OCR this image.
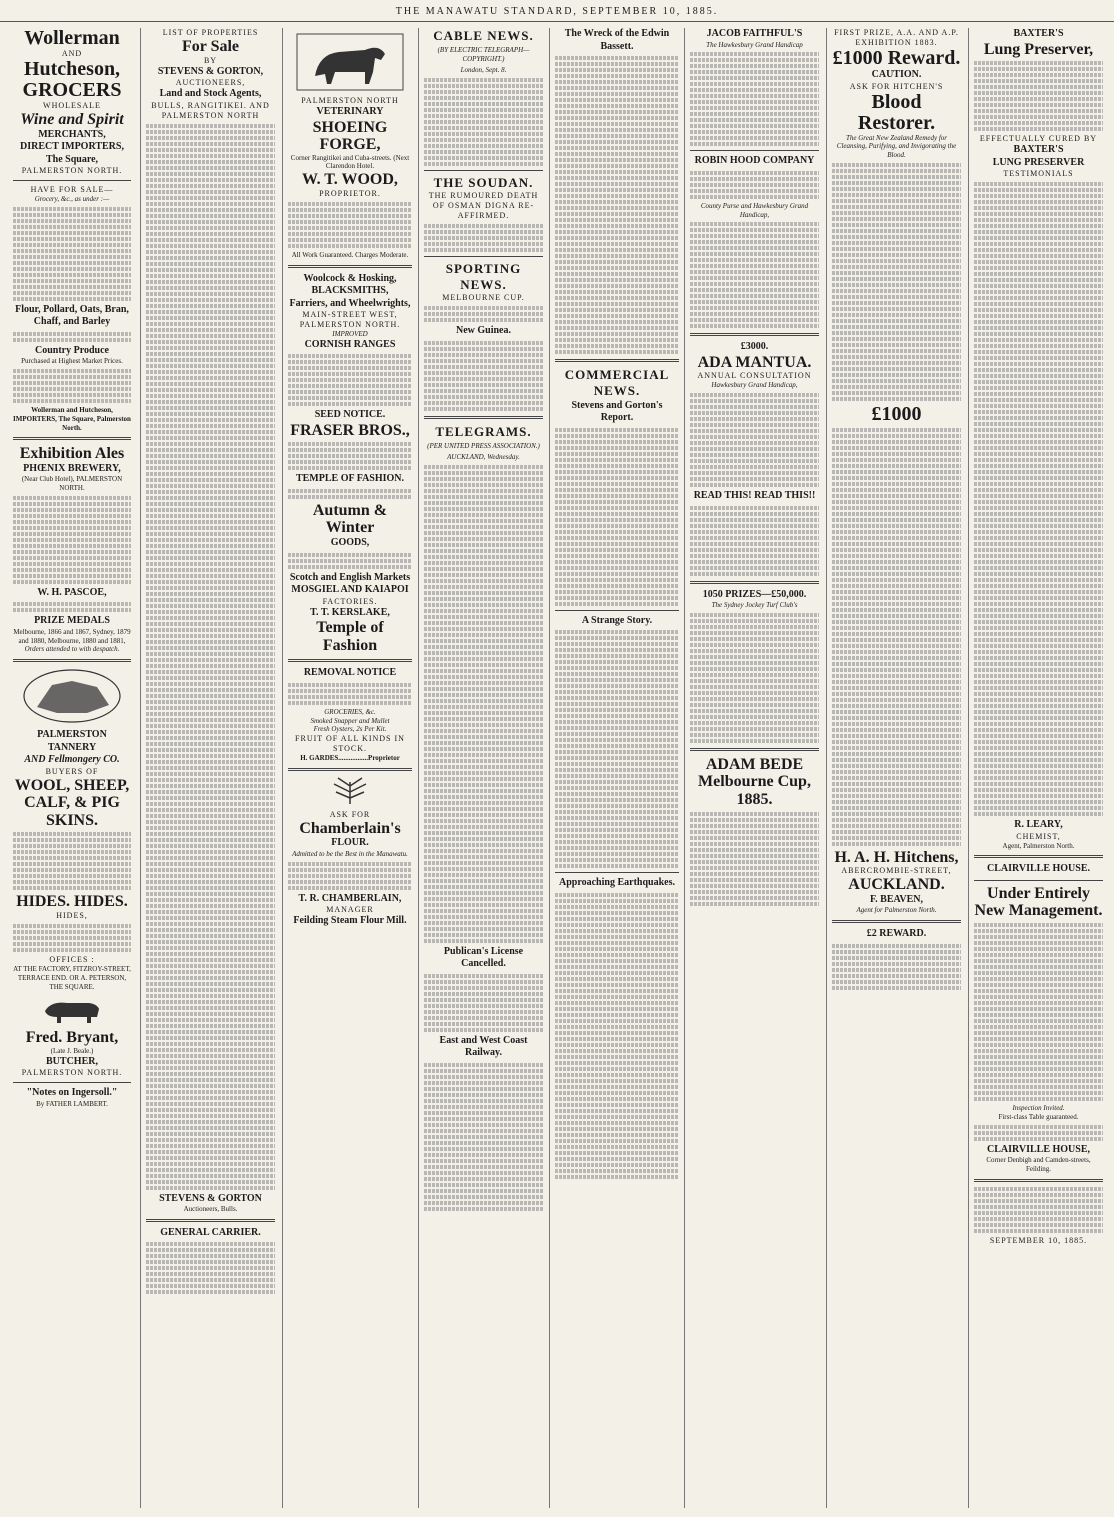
THE MANAWATU STANDARD, SEPTEMBER 10, 1885.
Wollerman
AND
Hutcheson,
GROCERS
WHOLESALE
Wine and Spirit
MERCHANTS,
DIRECT IMPORTERS,
The Square,
PALMERSTON NORTH.
HAVE FOR SALE—
Grocery, &c., as under :—
Flour, Pollard, Oats, Bran, Chaff, and Barley
Country Produce
Purchased at Highest Market Prices.
Wollerman and Hutcheson, IMPORTERS, The Square, Palmerston North.
Exhibition Ales
PHŒNIX BREWERY,
(Near Club Hotel), PALMERSTON NORTH.
W. H. PASCOE,
PRIZE MEDALS
Melbourne, 1866 and 1867, Sydney, 1879 and 1880, Melbourne, 1880 and 1881,
Orders attended to with despatch.
PALMERSTON TANNERY
AND Fellmongery CO.
BUYERS OF
WOOL, SHEEP, CALF, & PIG SKINS.
HIDES. HIDES.
HIDES,
OFFICES :
AT THE FACTORY, FITZROY-STREET, TERRACE END. OR A. PETERSON, THE SQUARE.
Fred. Bryant,
(Late J. Beale.)
BUTCHER,
PALMERSTON NORTH.
"Notes on Ingersoll."
By FATHER LAMBERT.
LIST OF PROPERTIES
For Sale
BY
STEVENS & GORTON,
AUCTIONEERS,
Land and Stock Agents,
BULLS, RANGITIKEI. AND PALMERSTON NORTH
STEVENS & GORTON
Auctioneers, Bulls.
GENERAL CARRIER.
PALMERSTON NORTH
VETERINARY
SHOEING FORGE,
Corner Rangitikei and Cuba-streets. (Next Clarendon Hotel.
W. T. WOOD,
PROPRIETOR.
All Work Guaranteed. Charges Moderate.
Woolcock & Hosking,
BLACKSMITHS,
Farriers, and Wheelwrights,
MAIN-STREET WEST,
PALMERSTON NORTH.
IMPROVED
CORNISH RANGES
SEED NOTICE.
FRASER BROS.,
TEMPLE OF FASHION.
Autumn & Winter
GOODS,
Scotch and English Markets
MOSGIEL AND KAIAPOI
FACTORIES.
T. T. KERSLAKE,
Temple of Fashion
REMOVAL NOTICE
GROCERIES, &c.
Smoked Snapper and Mullet
Fresh Oysters, 2s Per Kit.
FRUIT OF ALL KINDS IN STOCK.
H. GARDES.................Proprietor
ASK FOR
Chamberlain's
FLOUR.
Admitted to be the Best in the Manawatu.
T. R. CHAMBERLAIN,
MANAGER
Feilding Steam Flour Mill.
CABLE NEWS.
(BY ELECTRIC TELEGRAPH—COPYRIGHT.)
London, Sept. 8.
THE SOUDAN.
THE RUMOURED DEATH OF OSMAN DIGNA RE-AFFIRMED.
SPORTING NEWS.
MELBOURNE CUP.
New Guinea.
TELEGRAMS.
(PER UNITED PRESS ASSOCIATION.)
AUCKLAND, Wednesday.
Publican's License Cancelled.
East and West Coast Railway.
The Wreck of the Edwin Bassett.
COMMERCIAL NEWS.
Stevens and Gorton's Report.
A Strange Story.
Approaching Earthquakes.
JACOB FAITHFUL'S
The Hawkesbury Grand Handicap
ROBIN HOOD COMPANY
County Purse and Hawkesbury Grand Handicap,
£3000.
ADA MANTUA.
ANNUAL CONSULTATION
Hawkesbury Grand Handicap,
READ THIS! READ THIS!!
1050 PRIZES—£50,000.
The Sydney Jockey Turf Club's
ADAM BEDE
Melbourne Cup, 1885.
FIRST PRIZE, A.A. AND A.P. EXHIBITION 1883.
£1000 Reward.
CAUTION.
ASK FOR HITCHEN'S
Blood Restorer.
The Great New Zealand Remedy for Cleansing, Purifying, and Invigorating the Blood.
£1000
H. A. H. Hitchens,
ABERCROMBIE-STREET,
AUCKLAND.
F. BEAVEN,
Agent for Palmerston North.
£2 REWARD.
BAXTER'S
Lung Preserver,
EFFECTUALLY CURED BY
BAXTER'S
LUNG PRESERVER
TESTIMONIALS
R. LEARY,
CHEMIST,
Agent, Palmerston North.
CLAIRVILLE HOUSE.
Under Entirely New Management.
Inspection Invited.
First-class Table guaranteed.
CLAIRVILLE HOUSE,
Corner Denbigh and Camden-streets, Feilding.
SEPTEMBER 10, 1885.
